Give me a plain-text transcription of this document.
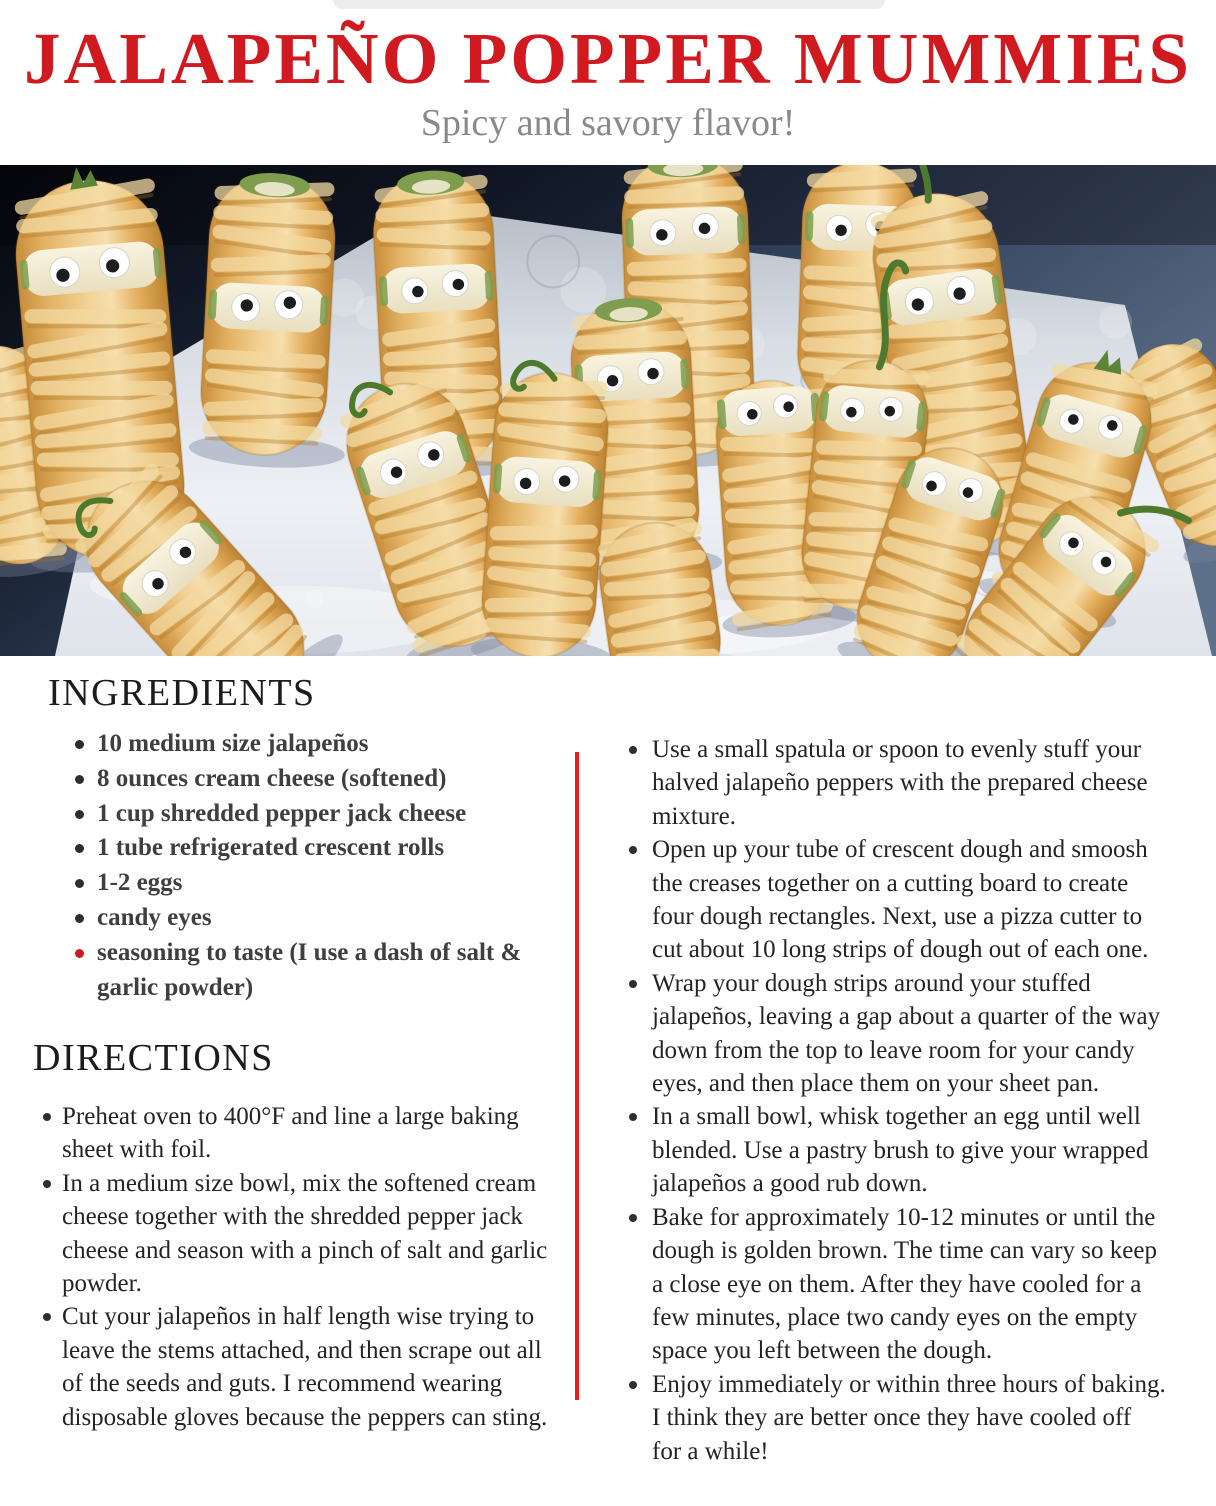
JALAPEÑO POPPER MUMMIES

Spicy and savory flavor!

INGREDIENTS
10 medium size jalapeños
8 ounces cream cheese (softened)
1 cup shredded pepper jack cheese
1 tube refrigerated crescent rolls
1-2 eggs
candy eyes
seasoning to taste (I use a dash of salt & garlic powder)
DIRECTIONS
Preheat oven to 400°F and line a large baking sheet with foil.
In a medium size bowl, mix the softened cream cheese together with the shredded pepper jack cheese and season with a pinch of salt and garlic powder.
Cut your jalapeños in half length wise trying to leave the stems attached, and then scrape out all of the seeds and guts. I recommend wearing disposable gloves because the peppers can sting.
Use a small spatula or spoon to evenly stuff your halved jalapeño peppers with the prepared cheese mixture.
Open up your tube of crescent dough and smoosh the creases together on a cutting board to create four dough rectangles. Next, use a pizza cutter to cut about 10 long strips of dough out of each one.
Wrap your dough strips around your stuffed jalapeños, leaving a gap about a quarter of the way down from the top to leave room for your candy eyes, and then place them on your sheet pan.
In a small bowl, whisk together an egg until well blended. Use a pastry brush to give your wrapped jalapeños a good rub down.
Bake for approximately 10-12 minutes or until the dough is golden brown. The time can vary so keep a close eye on them. After they have cooled for a few minutes, place two candy eyes on the empty space you left between the dough.
Enjoy immediately or within three hours of baking. I think they are better once they have cooled off for a while!
